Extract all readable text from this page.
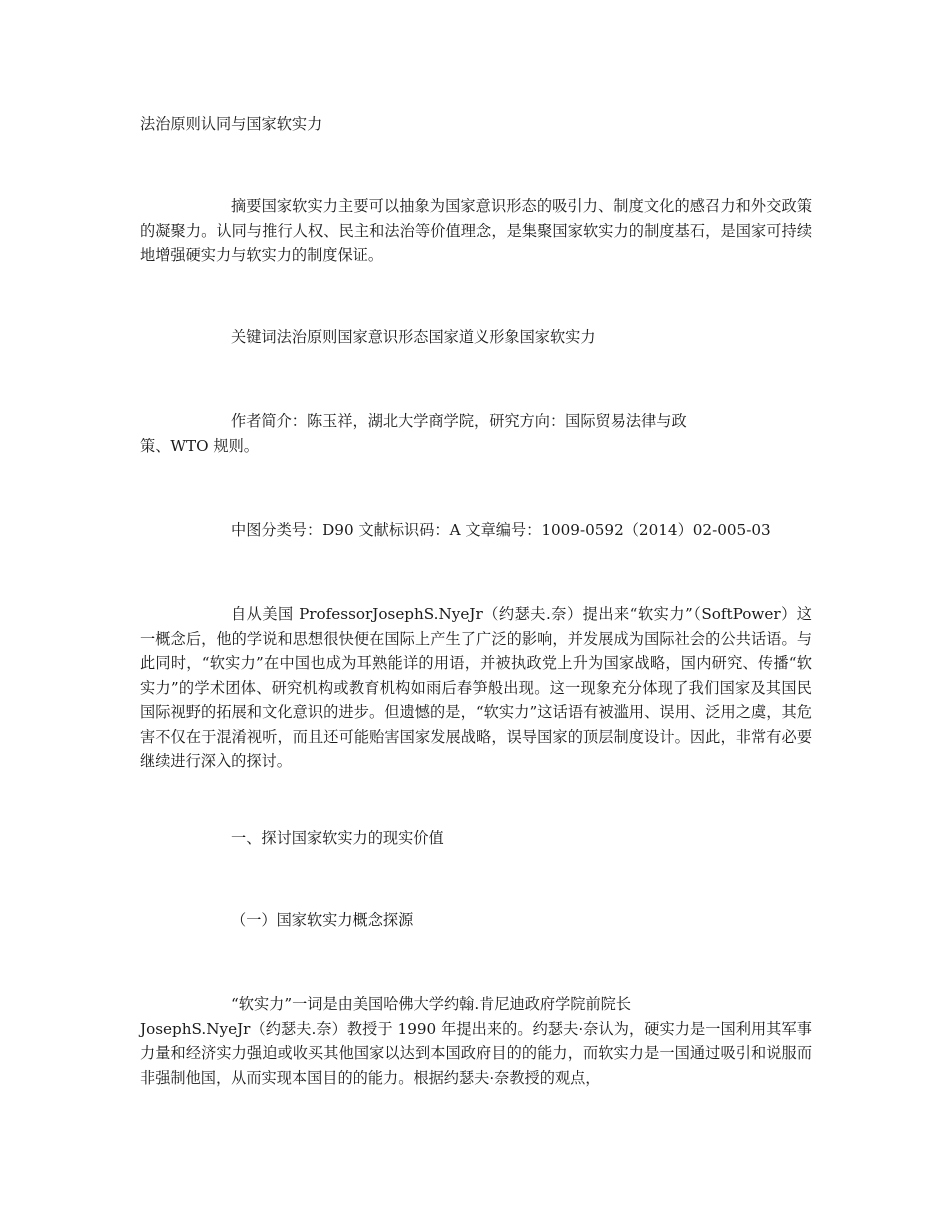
法治原则认同与国家软实力

摘要国家软实力主要可以抽象为国家意识形态的吸引力、制度文化的感召力和外交政策的凝聚力。认同与推行人权、民主和法治等价值理念，是集聚国家软实力的制度基石，是国家可持续地增强硬实力与软实力的制度保证。

关键词法治原则国家意识形态国家道义形象国家软实力

作者简介：陈玉祥，湖北大学商学院，研究方向：国际贸易法律与政
策、WTO 规则。

中图分类号：D90 文献标识码：A 文章编号：1009-0592（2014）02-005-03

自从美国 ProfessorJosephS.NyeJr（约瑟夫.奈）提出来“软实力”（SoftPower）这一概念后，他的学说和思想很快便在国际上产生了广泛的影响，并发展成为国际社会的公共话语。与此同时，“软实力”在中国也成为耳熟能详的用语，并被执政党上升为国家战略，国内研究、传播“软实力”的学术团体、研究机构或教育机构如雨后春笋般出现。这一现象充分体现了我们国家及其国民国际视野的拓展和文化意识的进步。但遗憾的是，“软实力”这话语有被滥用、误用、泛用之虞，其危害不仅在于混淆视听，而且还可能贻害国家发展战略，误导国家的顶层制度设计。因此，非常有必要继续进行深入的探讨。

一、探讨国家软实力的现实价值

（一）国家软实力概念探源

“软实力”一词是由美国哈佛大学约翰.肯尼迪政府学院前院长
JosephS.NyeJr（约瑟夫.奈）教授于 1990 年提出来的。约瑟夫·奈认为，硬实力是一国利用其军事力量和经济实力强迫或收买其他国家以达到本国政府目的的能力，而软实力是一国通过吸引和说服而非强制他国，从而实现本国目的的能力。根据约瑟夫·奈教授的观点，
